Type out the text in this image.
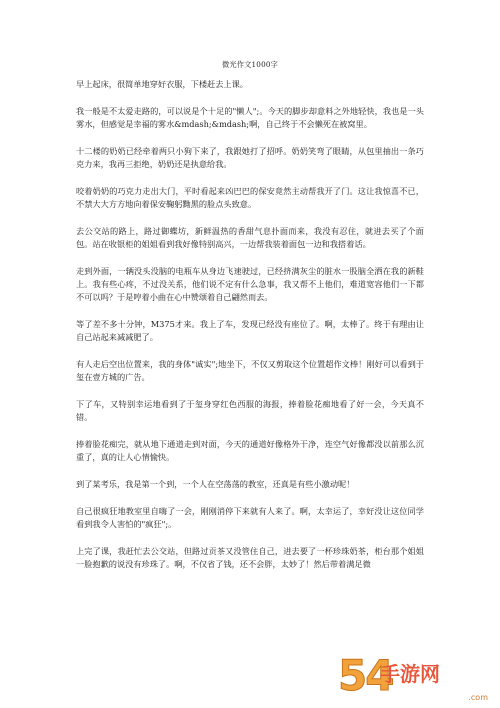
微光作文1000字

早上起床，很简单地穿好衣服，下楼赶去上课。

我一般是不太爱走路的，可以说是个十足的"懒人";。今天的脚步却意料之外地轻快，我也是一头雾水，但感觉是幸福的雾水&mdash;&mdash;啊，自己终于不会懒死在被窝里。

十二楼的奶奶已经牵着两只小狗下来了，我跟她打了招呼。奶奶笑弯了眼睛，从包里抽出一条巧克力来，我再三拒绝，奶奶还是执意给我。

咬着奶奶的巧克力走出大门，平时看起来凶巴巴的保安竟然主动帮我开了门。这让我惊喜不已，不禁大大方方地向着保安鞠躬黝黑的脸点头致意。

去公交站的路上，路过御蝶坊，新鲜温热的香甜气息扑面而来，我没有忍住，就进去买了个面包。站在收银柜的姐姐看到我好像特别高兴，一边帮我装着面包一边和我搭着话。

走到外面，一辆没头没脑的电瓶车从身边飞速驶过，已经挤满灰尘的脏水一股脑全洒在我的新鞋上。我有些心疼，不过没关系，他们说不定有什么急事，我又帮不上他们，难道宽容他们一下都不可以吗？于是哼着小曲在心中赞颂着自己翩然而去。

等了差不多十分钟，M375才来。我上了车，发现已经没有座位了。啊，太棒了。终于有理由让自己站起来减减肥了。

有人走后空出位置来，我的身体"诚实";地坐下，不仅又剪取这个位置超作文棒！刚好可以看到于玺在壹方城的广告。

下了车，又特别幸运地看到了于玺身穿红色西服的海报，捧着脸花痴地看了好一会，今天真不错。

捧着脸花痴完，就从地下通道走到对面，今天的通道好像格外干净，连空气好像都没以前那么沉重了，真的让人心情愉快。

到了某考乐，我是第一个到，一个人在空荡荡的教室，还真是有些小激动呢！

自己很疯狂地教室里自嗨了一会，刚刚消停下来就有人来了。啊，太幸运了，幸好没让这位同学看到我令人害怕的"疯狂";。

上完了课，我赶忙去公交站，但路过贡茶又没管住自己，进去要了一杯珍珠奶茶，柜台那个姐姐一脸抱歉的说没有珍珠了。啊，不仅省了钱，还不会胖，太妙了！然后带着满足微

54
手游网
.com
